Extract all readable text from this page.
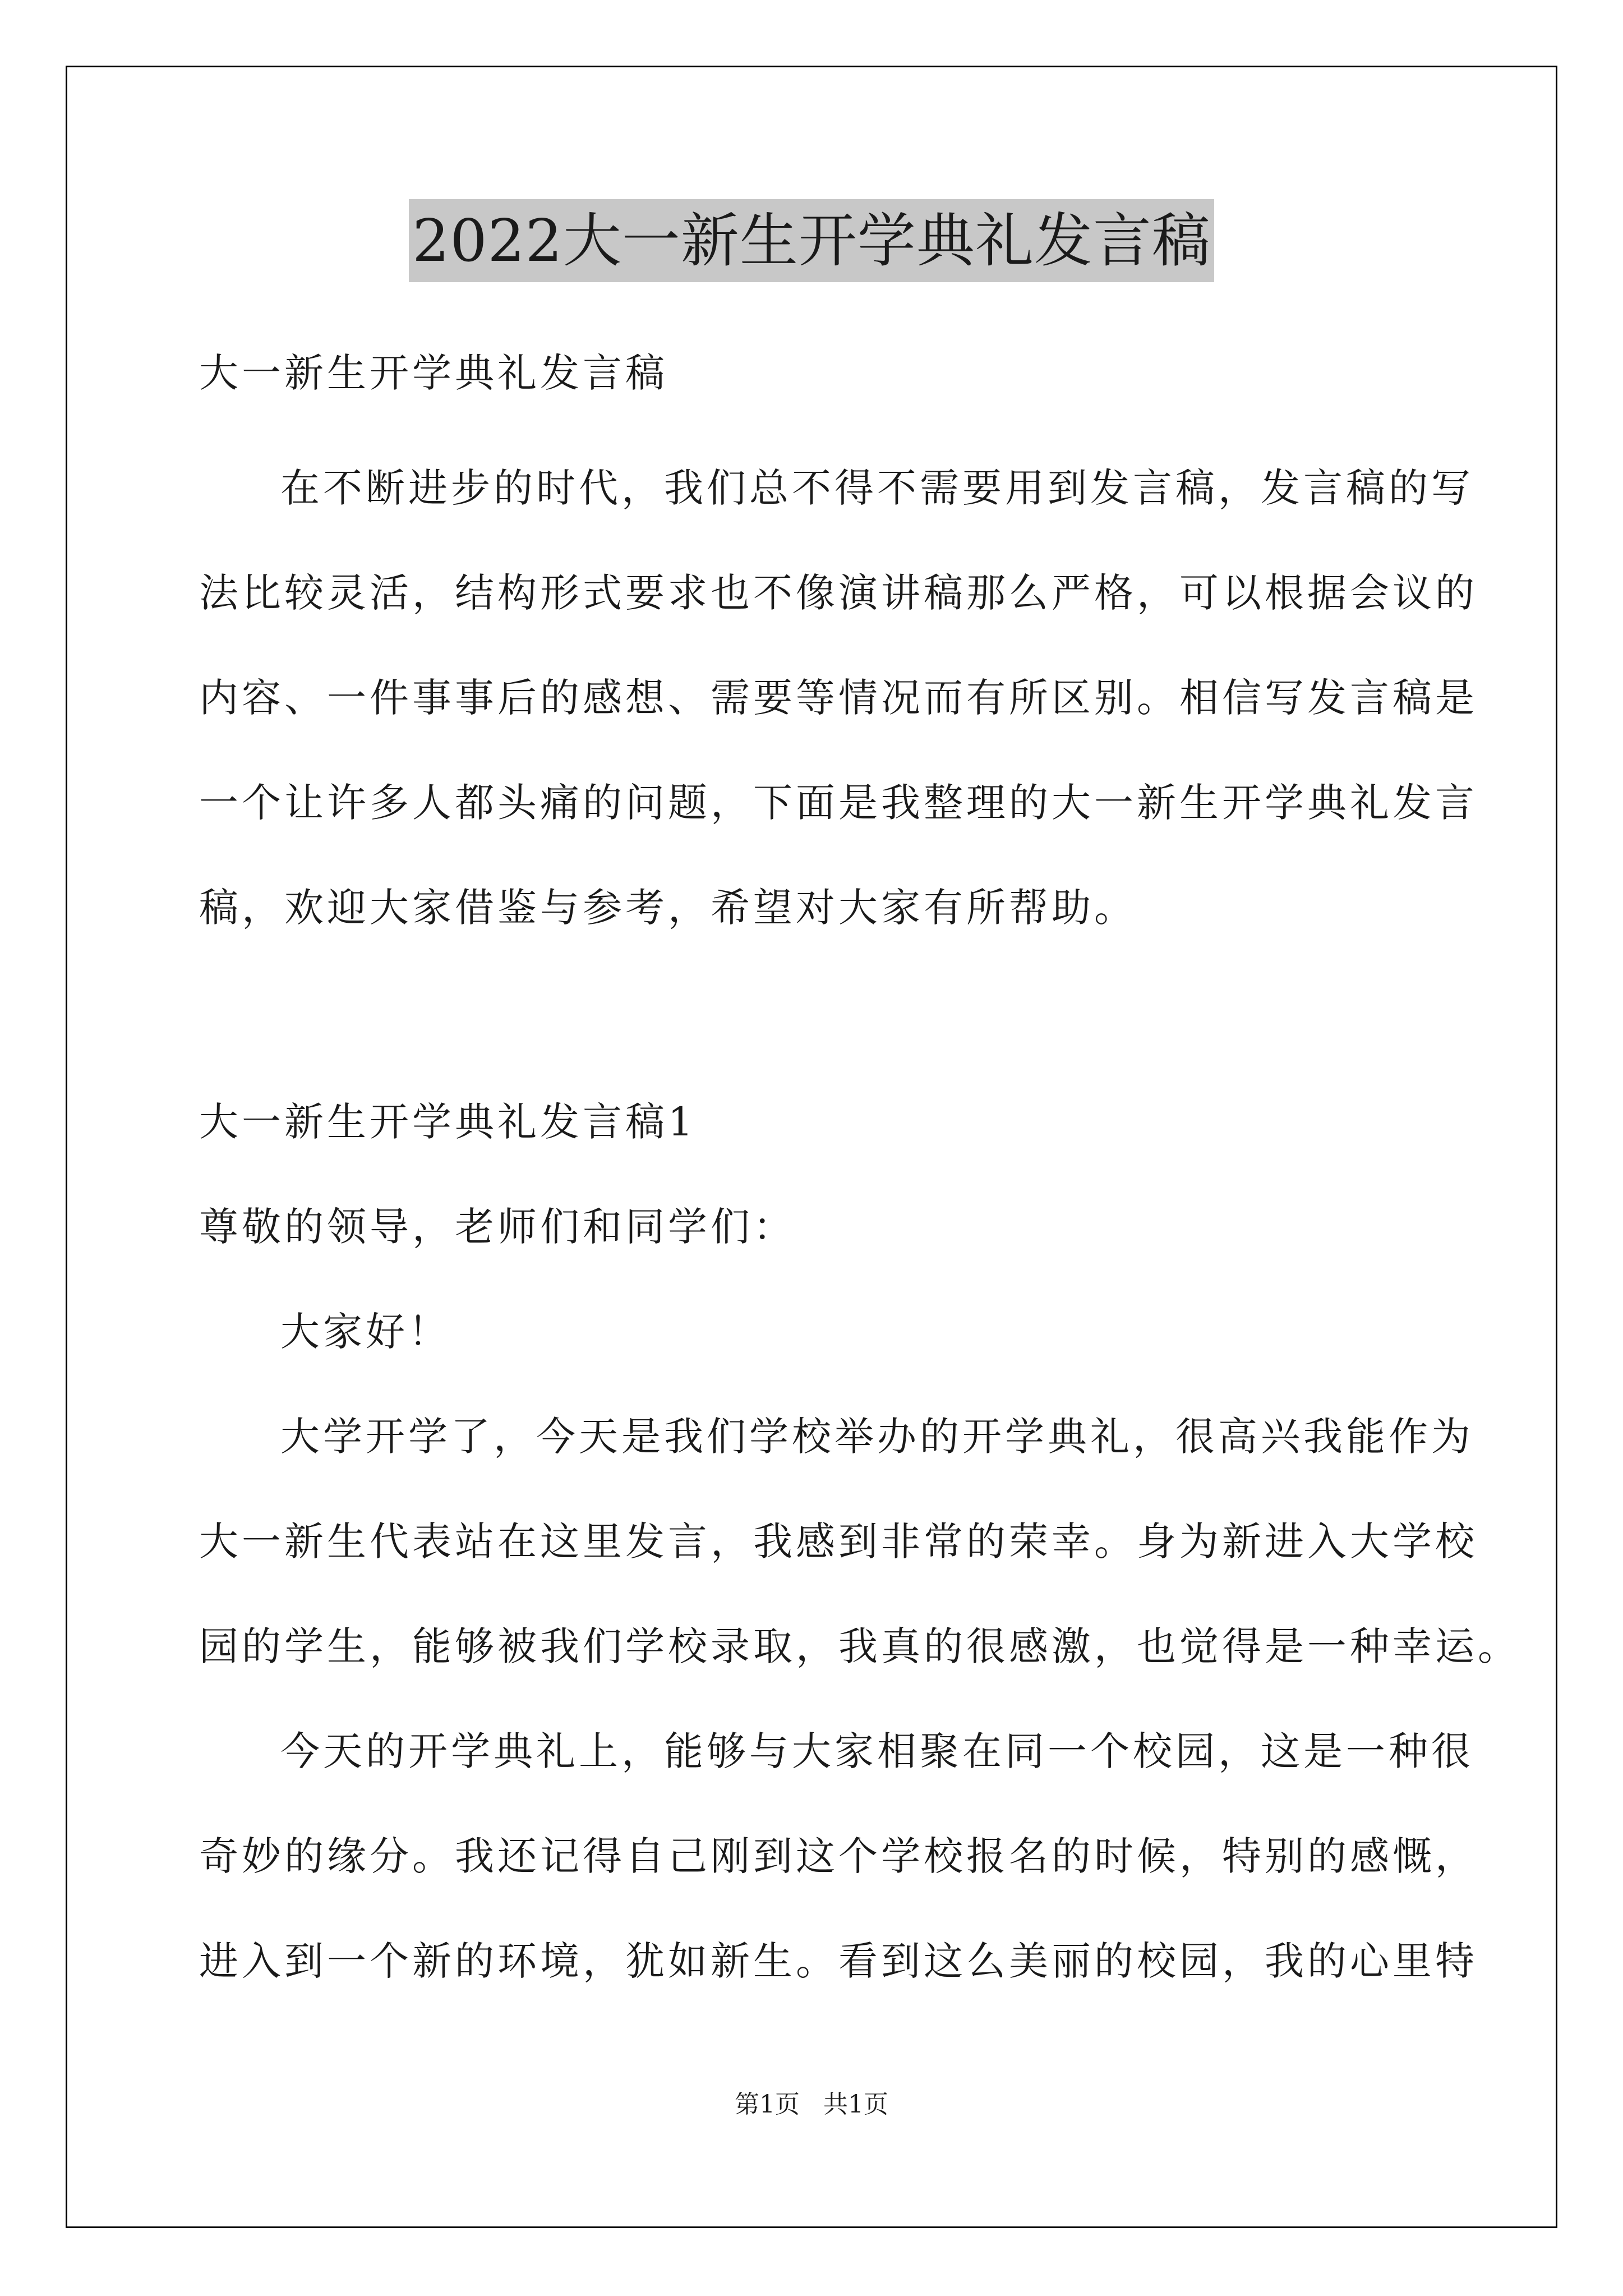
2022大一新生开学典礼发言稿

大一新生开学典礼发言稿

在不断进步的时代，我们总不得不需要用到发言稿，发言稿的写

法比较灵活，结构形式要求也不像演讲稿那么严格，可以根据会议的

内容、一件事事后的感想、需要等情况而有所区别。相信写发言稿是

一个让许多人都头痛的问题，下面是我整理的大一新生开学典礼发言

稿，欢迎大家借鉴与参考，希望对大家有所帮助。

大一新生开学典礼发言稿1

尊敬的领导，老师们和同学们：

大家好！

大学开学了，今天是我们学校举办的开学典礼，很高兴我能作为

大一新生代表站在这里发言，我感到非常的荣幸。身为新进入大学校

园的学生，能够被我们学校录取，我真的很感激，也觉得是一种幸运。

今天的开学典礼上，能够与大家相聚在同一个校园，这是一种很

奇妙的缘分。我还记得自己刚到这个学校报名的时候，特别的感慨，

进入到一个新的环境，犹如新生。看到这么美丽的校园，我的心里特

第1页   共1页
